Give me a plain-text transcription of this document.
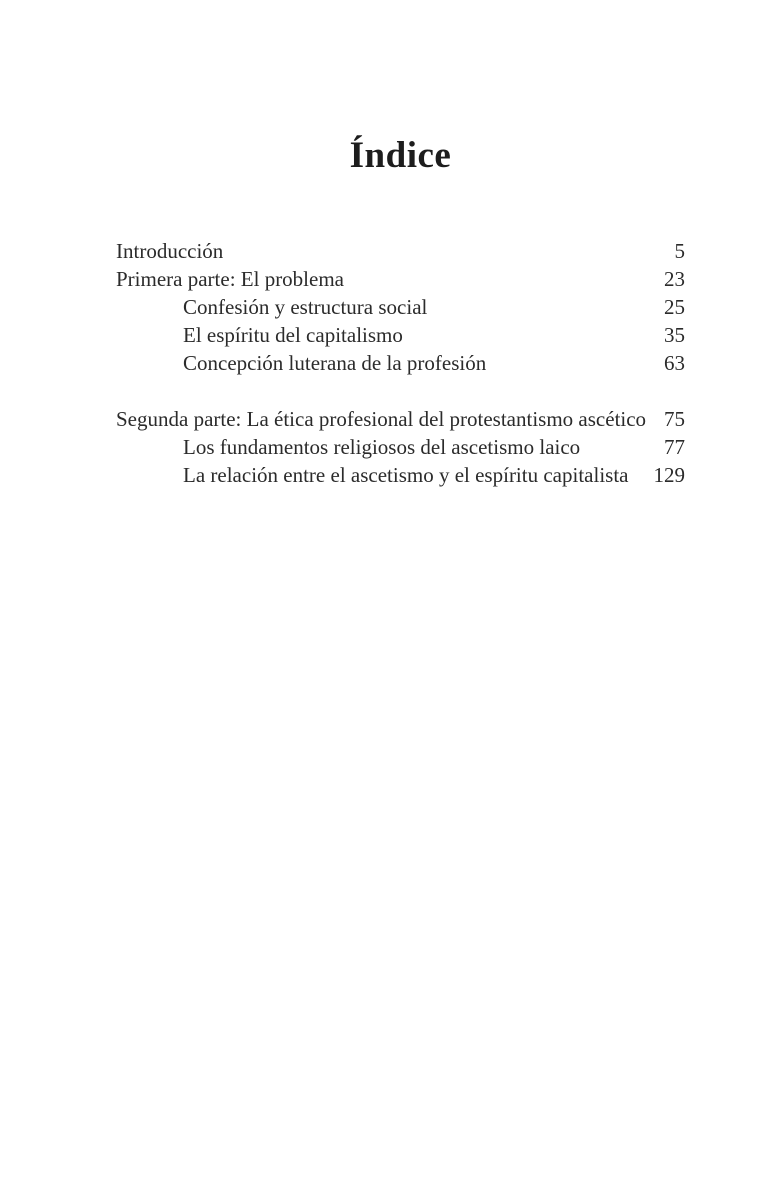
Índice
Introducción	5
Primera parte: El problema	23
Confesión y estructura social	25
El espíritu del capitalismo	35
Concepción luterana de la profesión	63
Segunda parte: La ética profesional del protestantismo ascético 75
Los fundamentos religiosos del ascetismo laico	77
La relación entre el ascetismo y el espíritu capitalista	129
